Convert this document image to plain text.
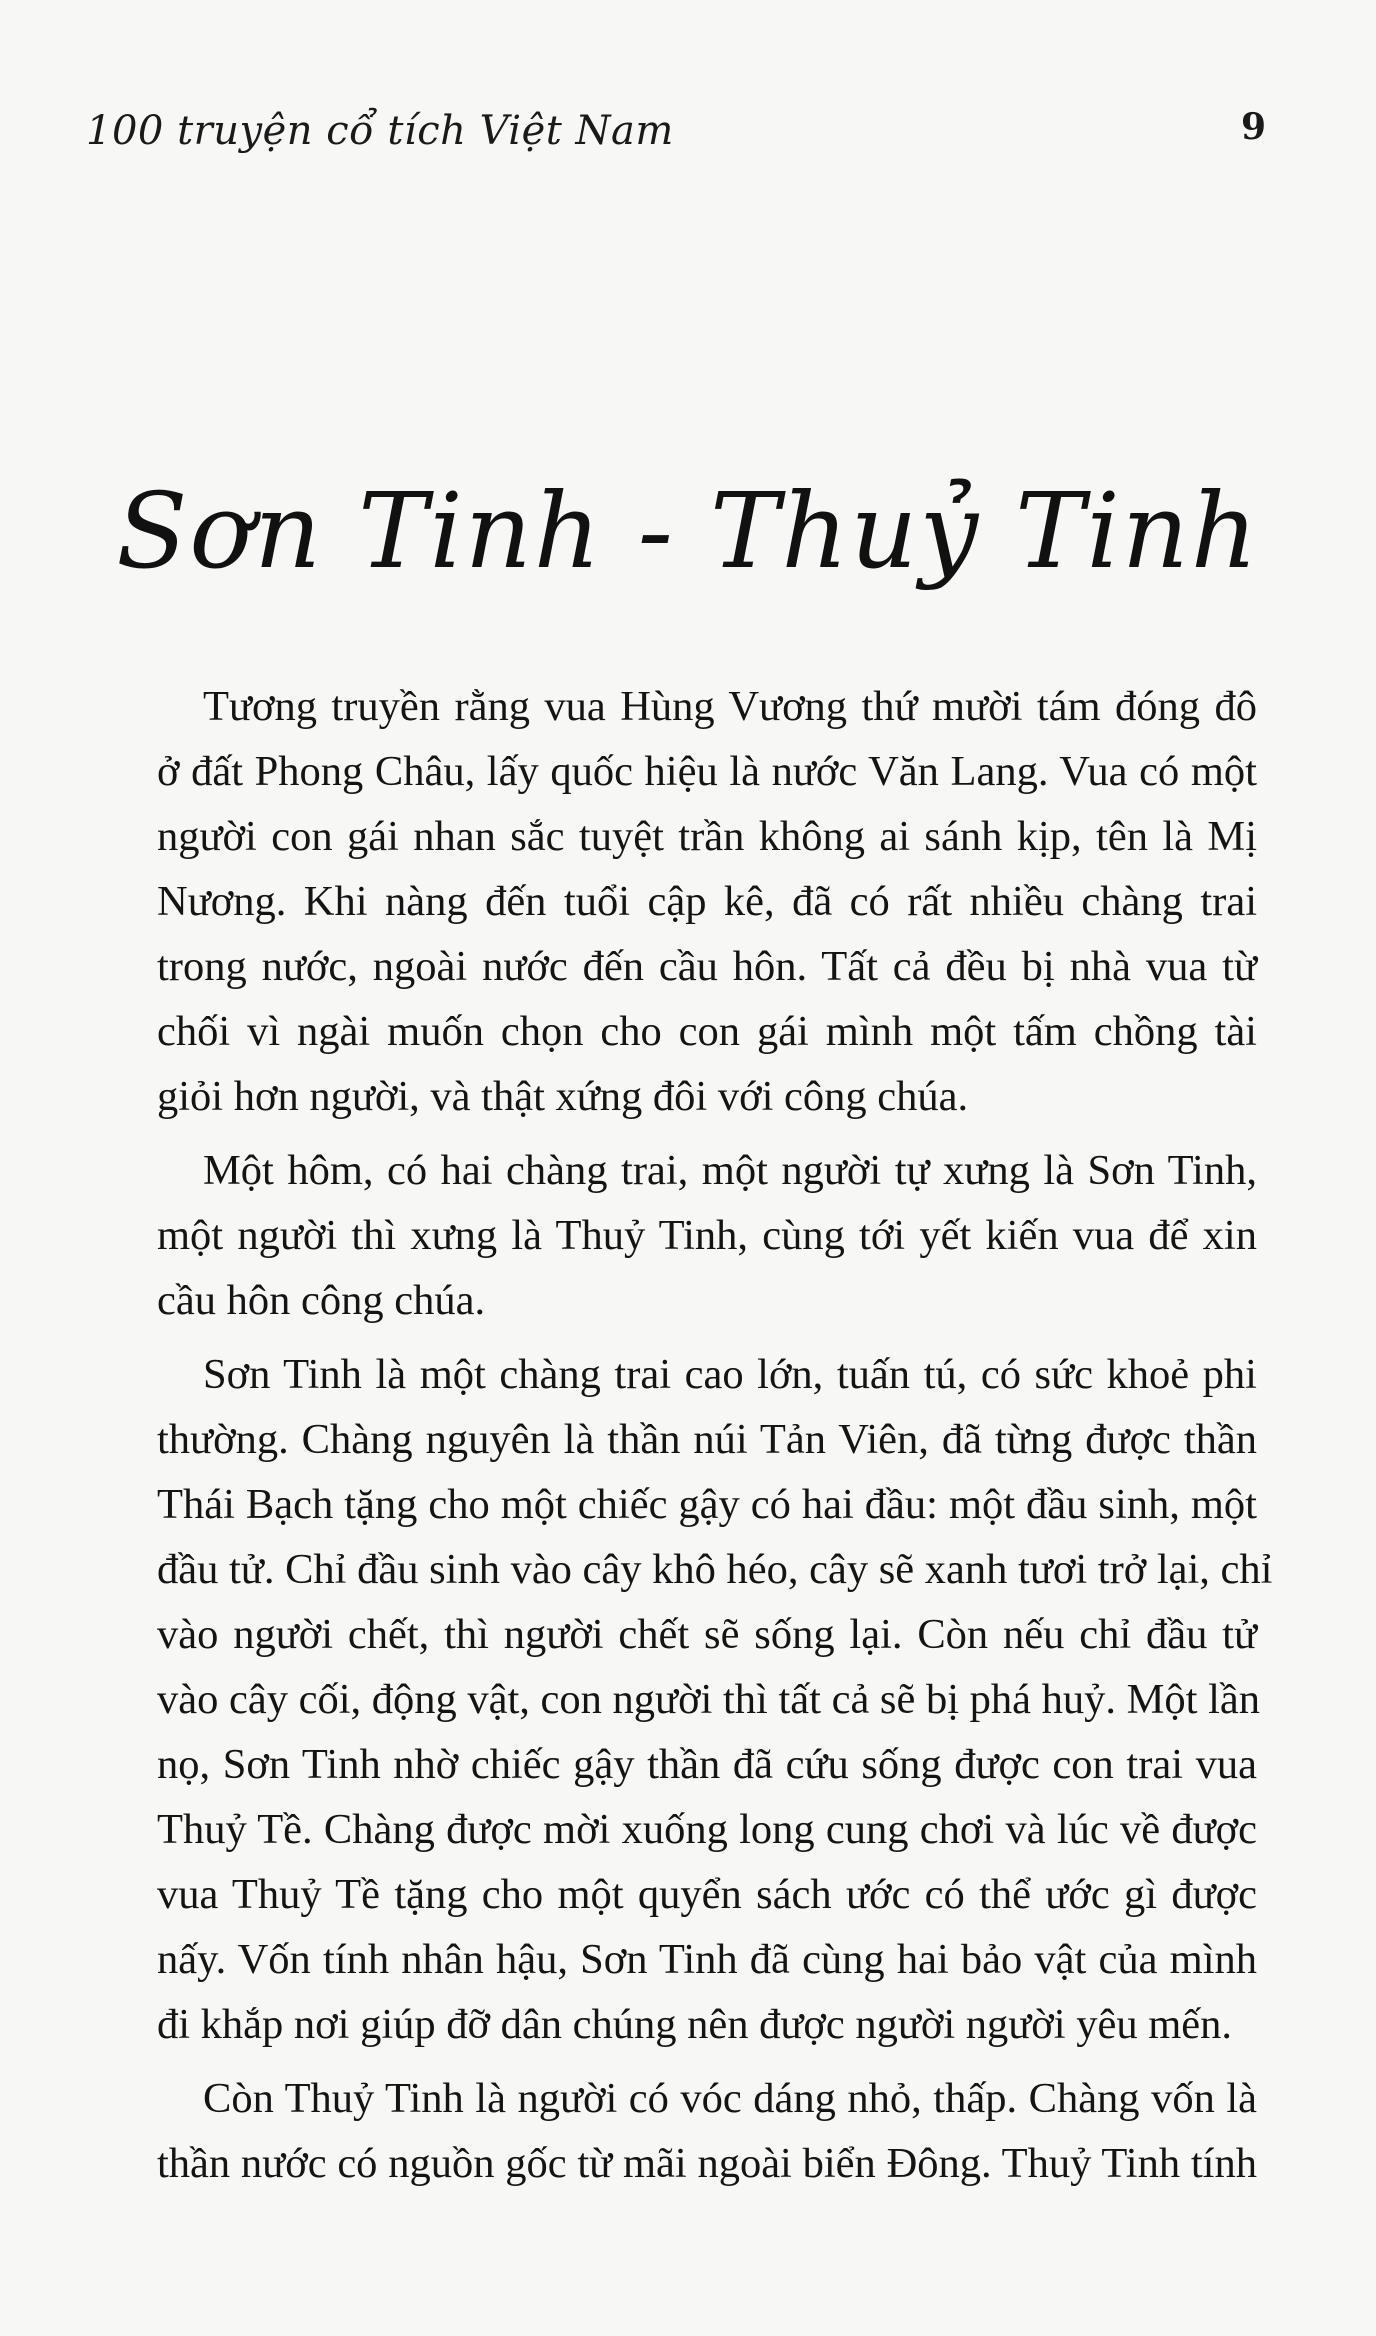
100 truyện cổ tích Việt Nam	9
Sơn Tinh - Thuỷ Tinh

Tương truyền rằng vua Hùng Vương thứ mười tám đóng đô
ở đất Phong Châu, lấy quốc hiệu là nước Văn Lang. Vua có một
người con gái nhan sắc tuyệt trần không ai sánh kịp, tên là Mị
Nương. Khi nàng đến tuổi cập kê, đã có rất nhiều chàng trai
trong nước, ngoài nước đến cầu hôn. Tất cả đều bị nhà vua từ
chối vì ngài muốn chọn cho con gái mình một tấm chồng tài
giỏi hơn người, và thật xứng đôi với công chúa.

Một hôm, có hai chàng trai, một người tự xưng là Sơn Tinh,
một người thì xưng là Thuỷ Tinh, cùng tới yết kiến vua để xin
cầu hôn công chúa.

Sơn Tinh là một chàng trai cao lớn, tuấn tú, có sức khoẻ phi
thường. Chàng nguyên là thần núi Tản Viên, đã từng được thần
Thái Bạch tặng cho một chiếc gậy có hai đầu: một đầu sinh, một
đầu tử. Chỉ đầu sinh vào cây khô héo, cây sẽ xanh tươi trở lại, chỉ
vào người chết, thì người chết sẽ sống lại. Còn nếu chỉ đầu tử
vào cây cối, động vật, con người thì tất cả sẽ bị phá huỷ. Một lần
nọ, Sơn Tinh nhờ chiếc gậy thần đã cứu sống được con trai vua
Thuỷ Tề. Chàng được mời xuống long cung chơi và lúc về được
vua Thuỷ Tề tặng cho một quyển sách ước có thể ước gì được
nấy. Vốn tính nhân hậu, Sơn Tinh đã cùng hai bảo vật của mình
đi khắp nơi giúp đỡ dân chúng nên được người người yêu mến.

Còn Thuỷ Tinh là người có vóc dáng nhỏ, thấp. Chàng vốn là
thần nước có nguồn gốc từ mãi ngoài biển Đông. Thuỷ Tinh tính
